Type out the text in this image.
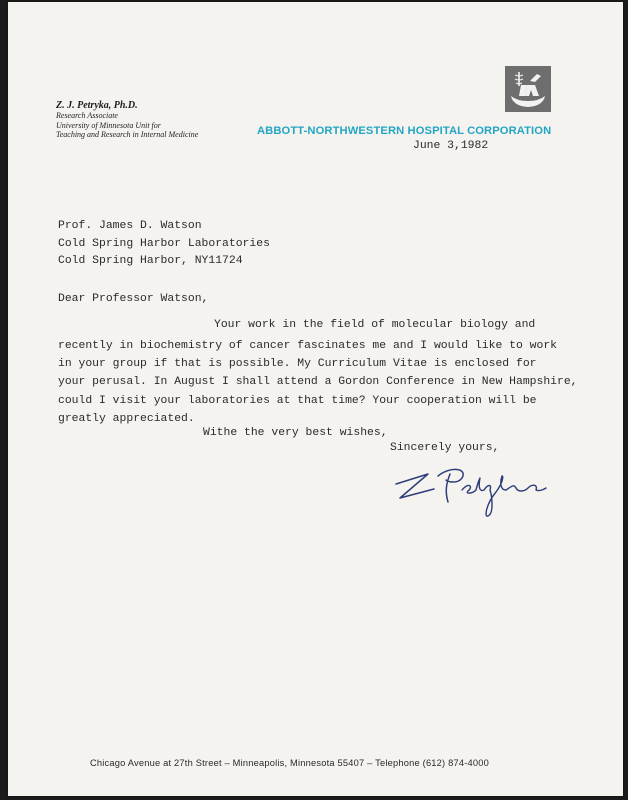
Z. J. Petryka, Ph.D.
Research Associate
University of Minnesota Unit for
Teaching and Research in Internal Medicine	ABBOTT-NORTHWESTERN HOSPITAL CORPORATION
June 3,1982
Prof. James D. Watson
Cold Spring Harbor Laboratories
Cold Spring Harbor, NY11724
Dear Professor Watson,
Your work in the field of molecular biology and
recently in biochemistry of cancer fascinates me and I would like to work
in your group if that is possible. My Curriculum Vitae is enclosed for
your perusal. In August I shall attend a Gordon Conference in New Hampshire,
could I visit your laboratories at that time? Your cooperation will be
greatly appreciated.
Withe the very best wishes,
Sincerely yours,
Chicago Avenue at 27th Street – Minneapolis, Minnesota 55407 – Telephone (612) 874-4000
